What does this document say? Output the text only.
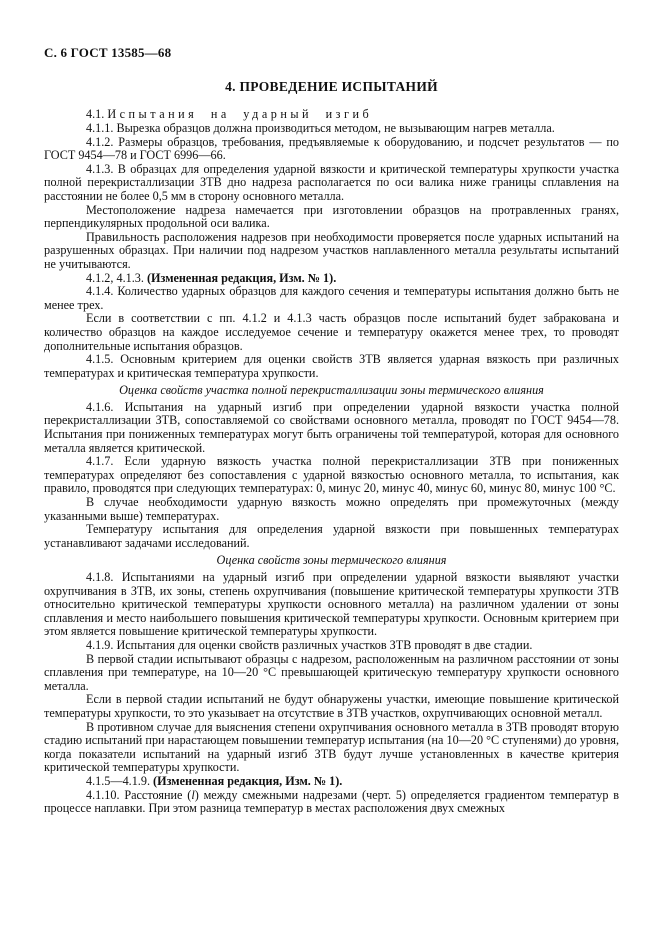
С. 6 ГОСТ 13585—68

4. ПРОВЕДЕНИЕ ИСПЫТАНИЙ

4.1. Испытания на ударный изгиб

4.1.1. Вырезка образцов должна производиться методом, не вызывающим нагрев металла.

4.1.2. Размеры образцов, требования, предъявляемые к оборудованию, и подсчет результатов — по ГОСТ 9454—78 и ГОСТ 6996—66.

4.1.3. В образцах для определения ударной вязкости и критической температуры хрупкости участка полной перекристаллизации ЗТВ дно надреза располагается по оси валика ниже границы сплавления на расстоянии не более 0,5 мм в сторону основного металла.

Местоположение надреза намечается при изготовлении образцов на протравленных гранях, перпендикулярных продольной оси валика.

Правильность расположения надрезов при необходимости проверяется после ударных испытаний на разрушенных образцах. При наличии под надрезом участков наплавленного металла результаты испытаний не учитываются.

4.1.2, 4.1.3. (Измененная редакция, Изм. № 1).

4.1.4. Количество ударных образцов для каждого сечения и температуры испытания должно быть не менее трех.

Если в соответствии с пп. 4.1.2 и 4.1.3 часть образцов после испытаний будет забракована и количество образцов на каждое исследуемое сечение и температуру окажется менее трех, то проводят дополнительные испытания образцов.

4.1.5. Основным критерием для оценки свойств ЗТВ является ударная вязкость при различных температурах и критическая температура хрупкости.

Оценка свойств участка полной перекристаллизации зоны термического влияния

4.1.6. Испытания на ударный изгиб при определении ударной вязкости участка полной перекристаллизации ЗТВ, сопоставляемой со свойствами основного металла, проводят по ГОСТ 9454—78. Испытания при пониженных температурах могут быть ограничены той температурой, которая для основного металла является критической.

4.1.7. Если ударную вязкость участка полной перекристаллизации ЗТВ при пониженных температурах определяют без сопоставления с ударной вязкостью основного металла, то испытания, как правило, проводятся при следующих температурах: 0, минус 20, минус 40, минус 60, минус 80, минус 100 °С.

В случае необходимости ударную вязкость можно определять при промежуточных (между указанными выше) температурах.

Температуру испытания для определения ударной вязкости при повышенных температурах устанавливают задачами исследований.

Оценка свойств зоны термического влияния

4.1.8. Испытаниями на ударный изгиб при определении ударной вязкости выявляют участки охрупчивания в ЗТВ, их зоны, степень охрупчивания (повышение критической температуры хрупкости ЗТВ относительно критической температуры хрупкости основного металла) на различном удалении от зоны сплавления и место наибольшего повышения критической температуры хрупкости. Основным критерием при этом является повышение критической температуры хрупкости.

4.1.9. Испытания для оценки свойств различных участков ЗТВ проводят в две стадии.

В первой стадии испытывают образцы с надрезом, расположенным на различном расстоянии от зоны сплавления при температуре, на 10—20 °С превышающей критическую температуру хрупкости основного металла.

Если в первой стадии испытаний не будут обнаружены участки, имеющие повышение критической температуры хрупкости, то это указывает на отсутствие в ЗТВ участков, охрупчивающих основной металл.

В противном случае для выяснения степени охрупчивания основного металла в ЗТВ проводят вторую стадию испытаний при нарастающем повышении температур испытания (на 10—20 °С ступенями) до уровня, когда показатели испытаний на ударный изгиб ЗТВ будут лучше установленных в качестве критерия критической температуры хрупкости.

4.1.5—4.1.9. (Измененная редакция, Изм. № 1).

4.1.10. Расстояние (l) между смежными надрезами (черт. 5) определяется градиентом температур в процессе наплавки. При этом разница температур в местах расположения двух смежных
